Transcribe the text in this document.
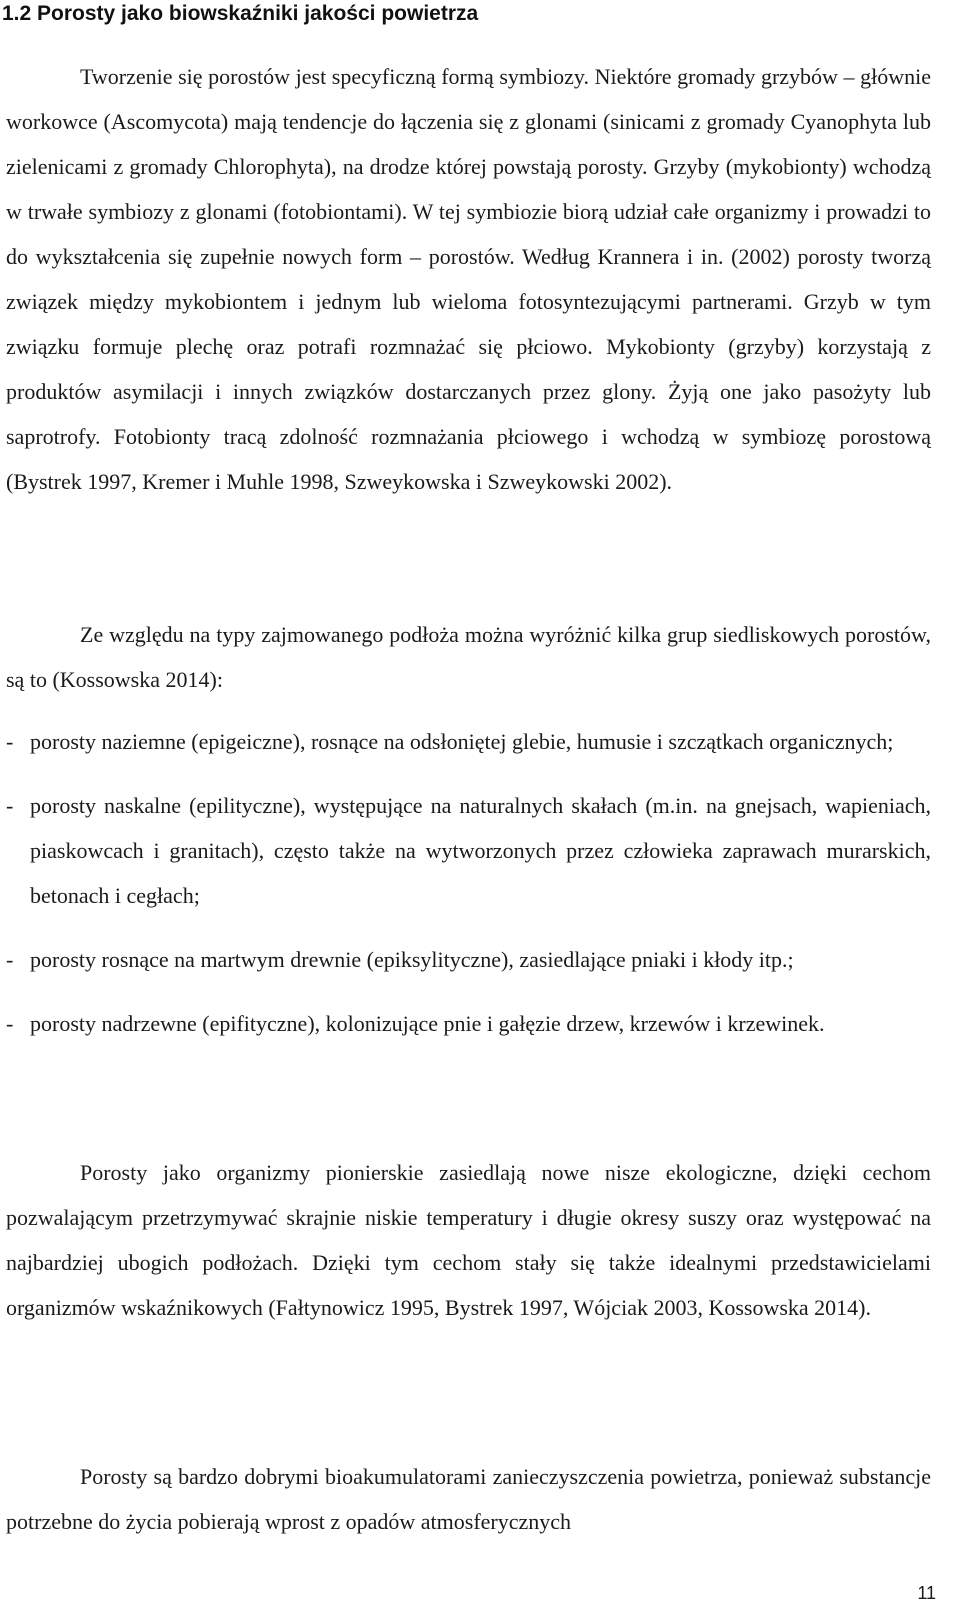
1.2 Porosty jako biowskaźniki jakości powietrza

Tworzenie się porostów jest specyficzną formą symbiozy. Niektóre gromady grzybów – głównie workowce (Ascomycota) mają tendencje do łączenia się z glonami (sinicami z gromady Cyanophyta lub zielenicami z gromady Chlorophyta), na drodze której powstają porosty. Grzyby (mykobionty) wchodzą w trwałe symbiozy z glonami (fotobiontami). W tej symbiozie biorą udział całe organizmy i prowadzi to do wykształcenia się zupełnie nowych form – porostów. Według Krannera i in. (2002) porosty tworzą związek między mykobiontem i jednym lub wieloma fotosyntezującymi partnerami. Grzyb w tym związku formuje plechę oraz potrafi rozmnażać się płciowo. Mykobionty (grzyby) korzystają z produktów asymilacji i innych związków dostarczanych przez glony. Żyją one jako pasożyty lub saprotrofy. Fotobionty tracą zdolność rozmnażania płciowego i wchodzą w symbiozę porostową (Bystrek 1997, Kremer i Muhle 1998, Szweykowska i Szweykowski 2002).

Ze względu na typy zajmowanego podłoża można wyróżnić kilka grup siedliskowych porostów, są to (Kossowska 2014):

- porosty naziemne (epigeiczne), rosnące na odsłoniętej glebie, humusie i szczątkach organicznych;
- porosty naskalne (epilityczne), występujące na naturalnych skałach (m.in. na gnejsach, wapieniach, piaskowcach i granitach), często także na wytworzonych przez człowieka zaprawach murarskich, betonach i cegłach;
- porosty rosnące na martwym drewnie (epiksylityczne), zasiedlające pniaki i kłody itp.;
- porosty nadrzewne (epifityczne), kolonizujące pnie i gałęzie drzew, krzewów i krzewinek.

Porosty jako organizmy pionierskie zasiedlają nowe nisze ekologiczne, dzięki cechom pozwalającym przetrzymywać skrajnie niskie temperatury i długie okresy suszy oraz występować na najbardziej ubogich podłożach. Dzięki tym cechom stały się także idealnymi przedstawicielami organizmów wskaźnikowych (Fałtynowicz 1995, Bystrek 1997, Wójciak 2003, Kossowska 2014).

Porosty są bardzo dobrymi bioakumulatorami zanieczyszczenia powietrza, ponieważ substancje potrzebne do życia pobierają wprost z opadów atmosferycznych

11
